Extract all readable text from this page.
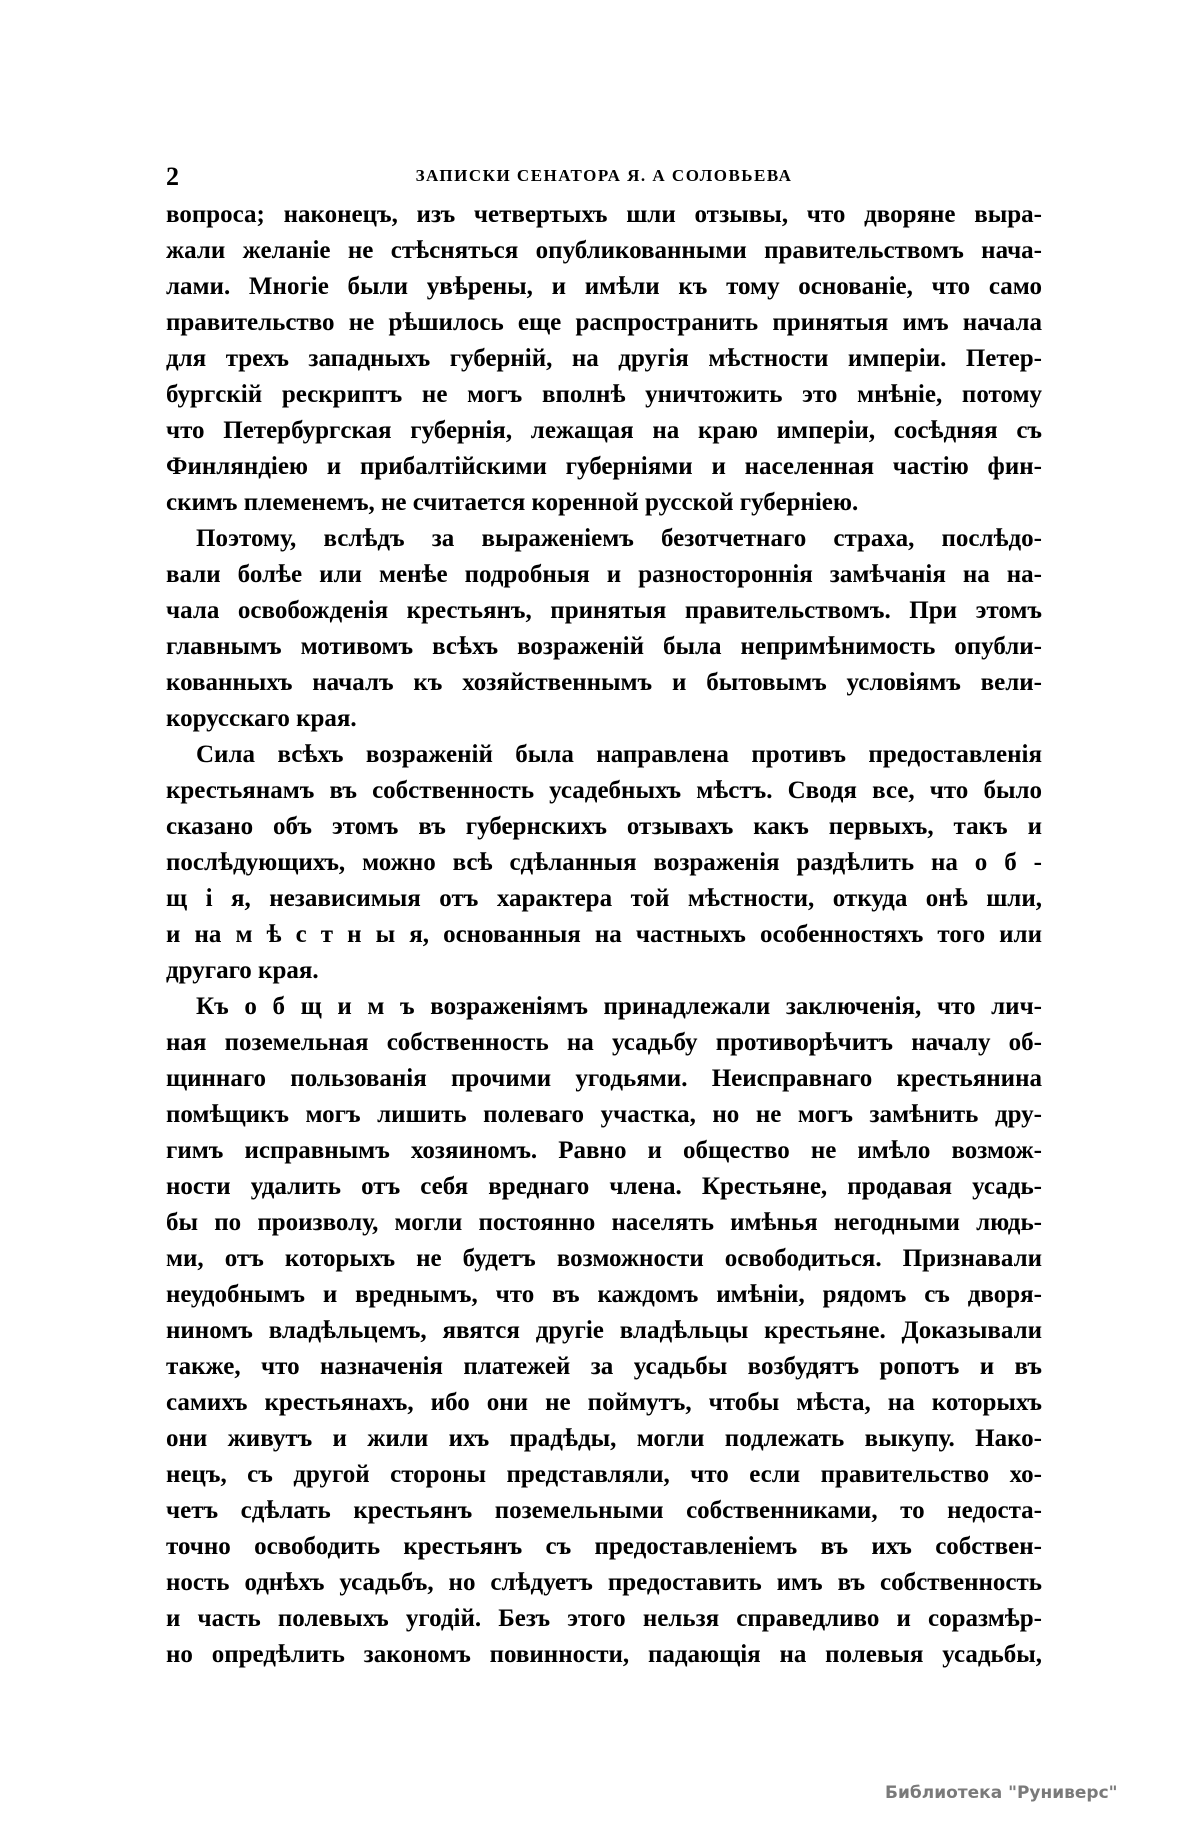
2	ЗАПИСКИ СЕНАТОРА Я. А СОЛОВЬЕВА
вопроса; наконецъ, изъ четвертыхъ шли отзывы, что дворяне выра-
жали желаніе не стѣсняться опубликованными правительствомъ нача-
лами. Многіе были увѣрены, и имѣли къ тому основаніе, что само
правительство не рѣшилось еще распространить принятыя имъ начала
для трехъ западныхъ губерній, на другія мѣстности имперіи. Петер-
бургскій рескриптъ не могъ вполнѣ уничтожить это мнѣніе, потому
что Петербургская губернія, лежащая на краю имперіи, сосѣдняя съ
Финляндіею и прибалтійскими губерніями и населенная частію фин-
скимъ племенемъ, не считается коренной русской губерніею.
Поэтому, вслѣдъ за выраженіемъ безотчетнаго страха, послѣдо-
вали болѣе или менѣе подробныя и разностороннія замѣчанія на на-
чала освобожденія крестьянъ, принятыя правительствомъ. При этомъ
главнымъ мотивомъ всѣхъ возраженій была непримѣнимость опубли-
кованныхъ началъ къ хозяйственнымъ и бытовымъ условіямъ вели-
корусскаго края.
Сила всѣхъ возраженій была направлена противъ предоставленія
крестьянамъ въ собственность усадебныхъ мѣстъ. Сводя все, что было
сказано объ этомъ въ губернскихъ отзывахъ какъ первыхъ, такъ и
послѣдующихъ, можно всѣ сдѣланныя возраженія раздѣлить на о б -
щ і я, независимыя отъ характера той мѣстности, откуда онѣ шли,
и на м ѣ с т н ы я, основанныя на частныхъ особенностяхъ того или
другаго края.
Къ о б щ и м ъ возраженіямъ принадлежали заключенія, что лич-
ная поземельная собственность на усадьбу противорѣчитъ началу об-
щиннаго пользованія прочими угодьями. Неисправнаго крестьянина
помѣщикъ могъ лишить полеваго участка, но не могъ замѣнить дру-
гимъ исправнымъ хозяиномъ. Равно и общество не имѣло возмож-
ности удалить отъ себя вреднаго члена. Крестьяне, продавая усадь-
бы по произволу, могли постоянно населять имѣнья негодными людь-
ми, отъ которыхъ не будетъ возможности освободиться. Признавали
неудобнымъ и вреднымъ, что въ каждомъ имѣніи, рядомъ съ дворя-
ниномъ владѣльцемъ, явятся другіе владѣльцы крестьяне. Доказывали
также, что назначенія платежей за усадьбы возбудятъ ропотъ и въ
самихъ крестьянахъ, ибо они не поймутъ, чтобы мѣста, на которыхъ
они живутъ и жили ихъ прадѣды, могли подлежать выкупу. Нако-
нецъ, съ другой стороны представляли, что если правительство хо-
четъ сдѣлать крестьянъ поземельными собственниками, то недоста-
точно освободить крестьянъ съ предоставленіемъ въ ихъ собствен-
ность однѣхъ усадьбъ, но слѣдуетъ предоставить имъ въ собственность
и часть полевыхъ угодій. Безъ этого нельзя справедливо и соразмѣр-
но опредѣлить закономъ повинности, падающія на полевыя усадьбы,
Библиотека "Руниверс"
